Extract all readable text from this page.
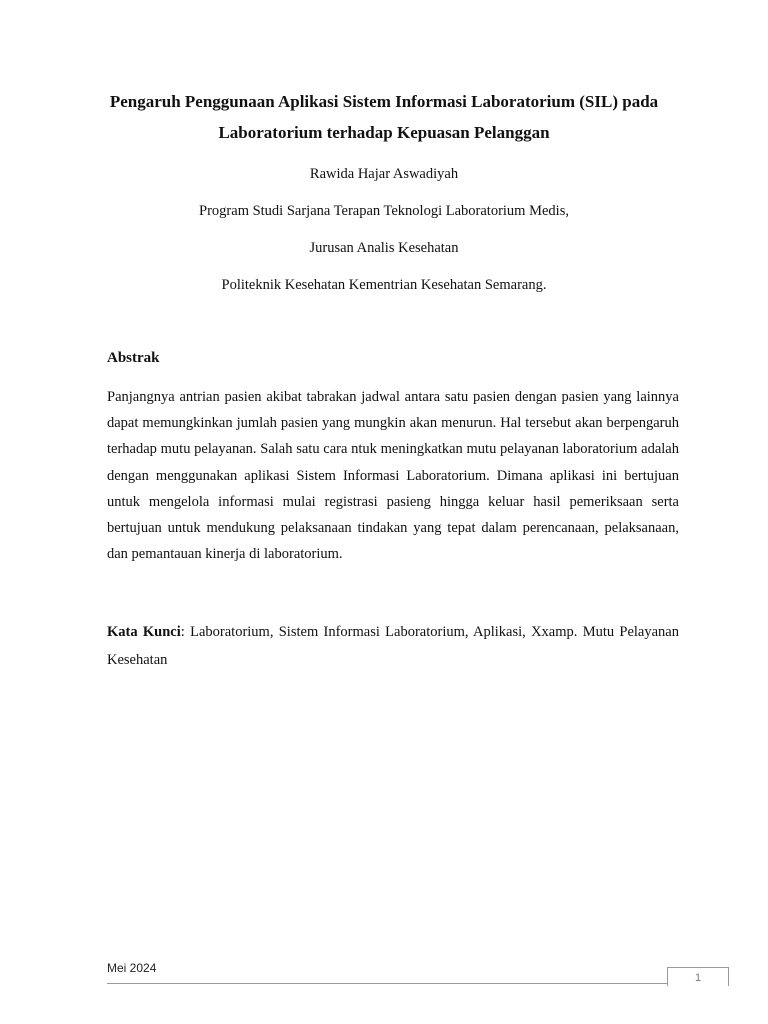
Pengaruh Penggunaan Aplikasi Sistem Informasi Laboratorium (SIL) pada
Laboratorium terhadap Kepuasan Pelanggan
Rawida Hajar Aswadiyah
Program Studi Sarjana Terapan Teknologi Laboratorium Medis,
Jurusan Analis Kesehatan
Politeknik Kesehatan Kementrian Kesehatan Semarang.
Abstrak

Panjangnya antrian pasien akibat tabrakan jadwal antara satu pasien dengan pasien yang lainnya dapat memungkinkan jumlah pasien yang mungkin akan menurun. Hal tersebut akan berpengaruh terhadap mutu pelayanan. Salah satu cara ntuk meningkatkan mutu pelayanan laboratorium adalah dengan menggunakan aplikasi Sistem Informasi Laboratorium. Dimana aplikasi ini bertujuan untuk mengelola informasi mulai registrasi pasieng hingga keluar hasil pemeriksaan serta bertujuan untuk mendukung pelaksanaan tindakan yang tepat dalam perencanaan, pelaksanaan, dan pemantauan kinerja di laboratorium.

Kata Kunci: Laboratorium, Sistem Informasi Laboratorium, Aplikasi, Xxamp. Mutu Pelayanan Kesehatan

Mei 2024
1
